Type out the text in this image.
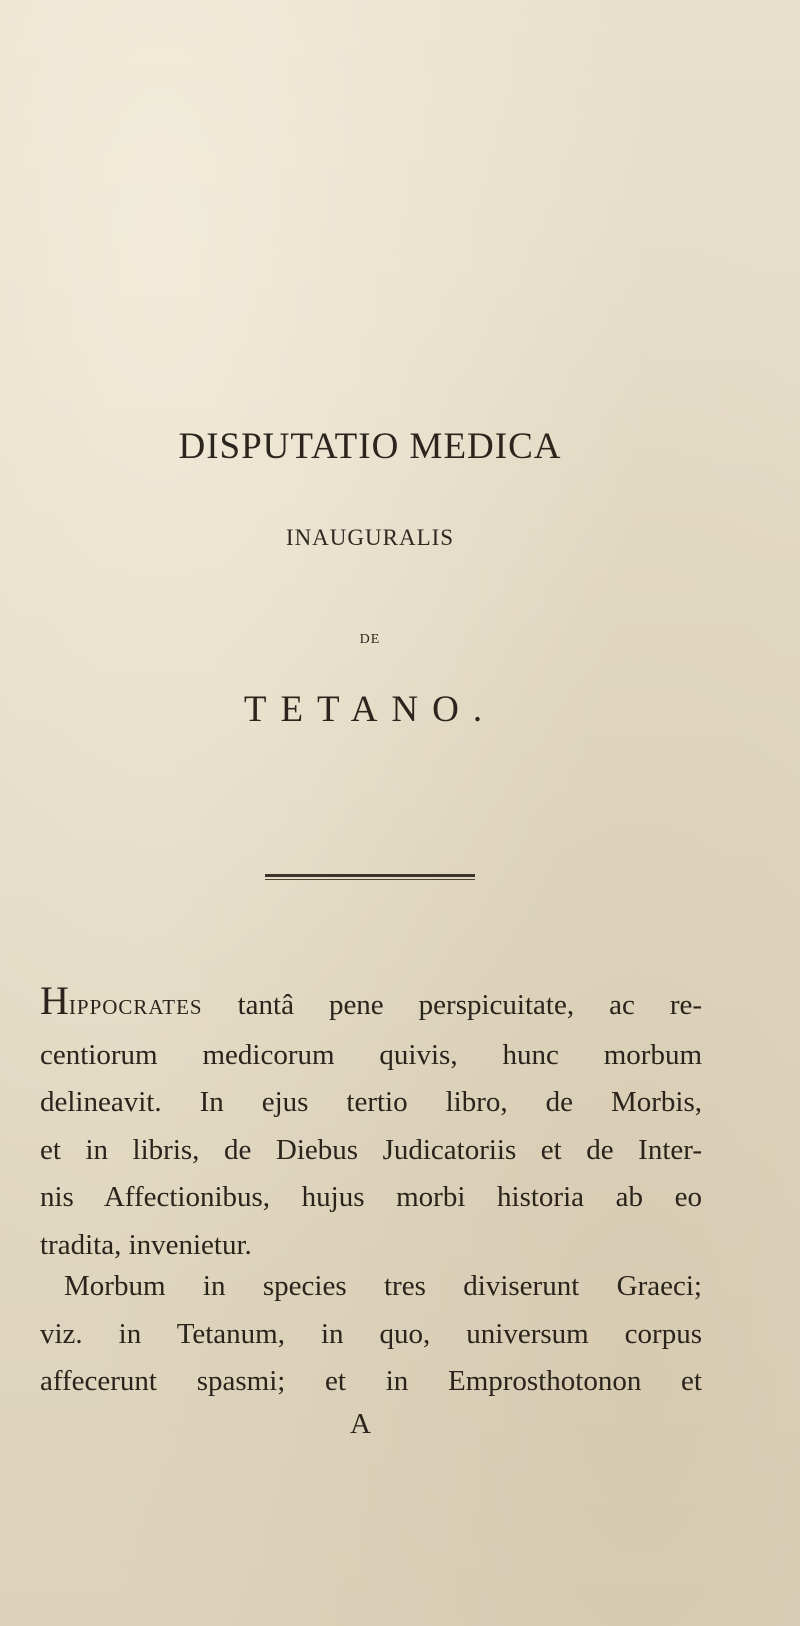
DISPUTATIO MEDICA
INAUGURALIS
DE
TETANO.
HIPPOCRATES tantâ pene perspicuitate, ac re-
centiorum medicorum quivis, hunc morbum
delineavit. In ejus tertio libro, de Morbis,
et in libris, de Diebus Judicatoriis et de Inter-
nis Affectionibus, hujus morbi historia ab eo
tradita, invenietur.
Morbum in species tres diviserunt Graeci;
viz. in Tetanum, in quo, universum corpus
affecerunt spasmi; et in Emprosthotonon et
A
